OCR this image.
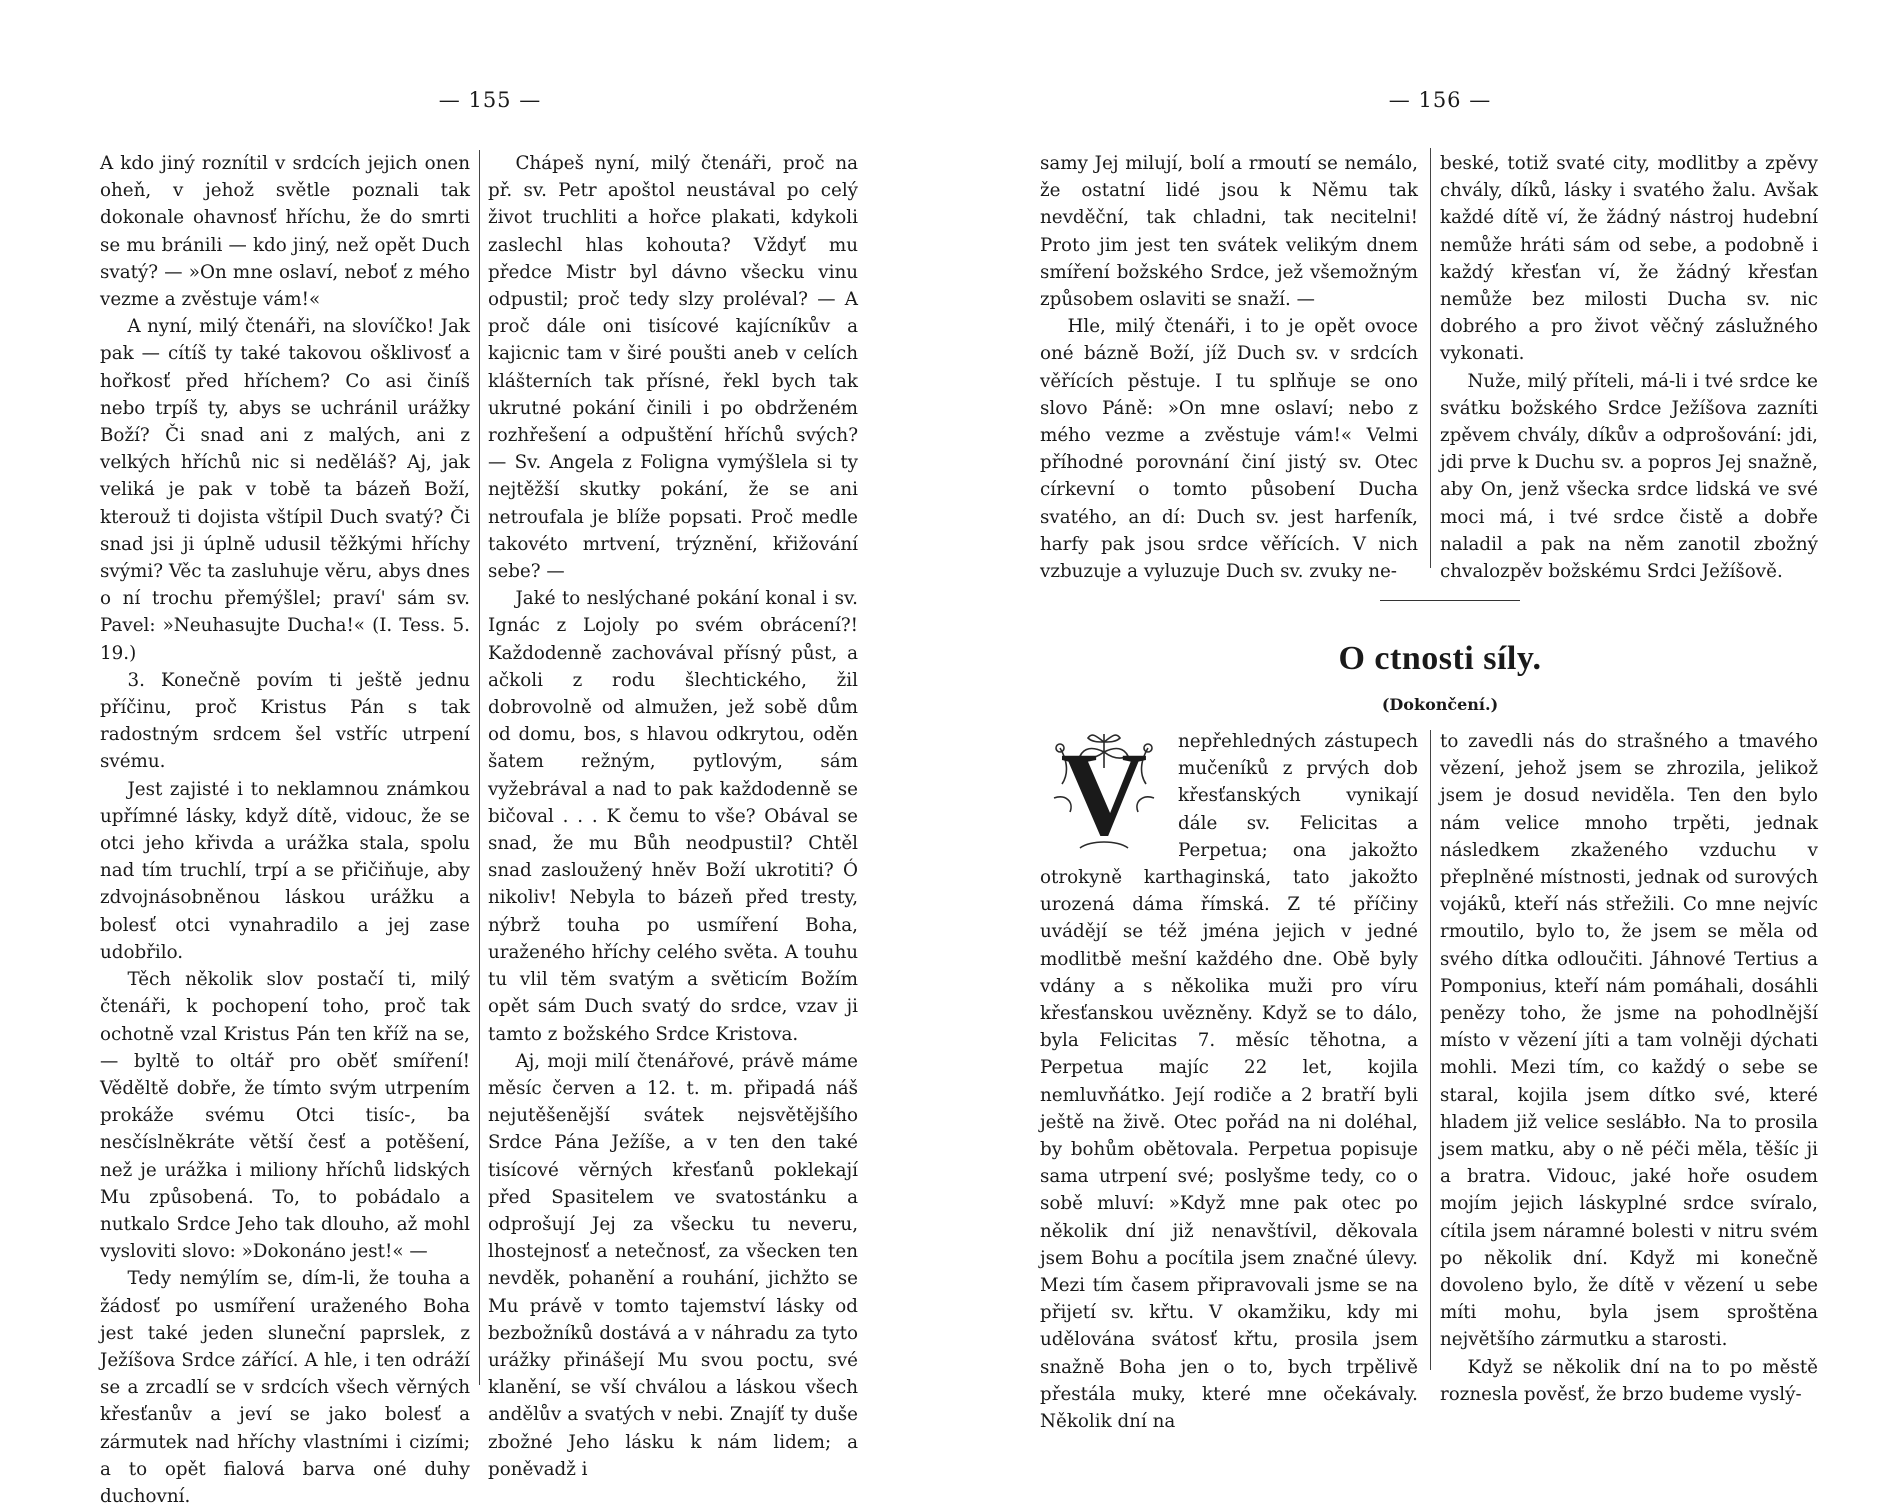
— 155 —

A kdo jiný roznítil v srdcích jejich onen oheň, v jehož světle poznali tak dokonale ohavnosť hříchu, že do smrti se mu bránili — kdo jiný, než opět Duch svatý? — »On mne oslaví, neboť z mého vezme a zvěstuje vám!«

A nyní, milý čtenáři, na slovíčko! Jak pak — cítíš ty také takovou ošklivosť a hořkosť před hříchem? Co asi činíš nebo trpíš ty, abys se uchránil urážky Boží? Či snad ani z malých, ani z velkých hříchů nic si neděláš? Aj, jak veliká je pak v tobě ta bázeň Boží, kterouž ti dojista vštípil Duch svatý? Či snad jsi ji úplně udusil těžkými hříchy svými? Věc ta zasluhuje věru, abys dnes o ní trochu přemýšlel; praví' sám sv. Pavel: »Neuhasujte Ducha!« (I. Tess. 5. 19.)

3. Konečně povím ti ještě jednu příčinu, proč Kristus Pán s tak radostným srdcem šel vstříc utrpení svému.

Jest zajisté i to neklamnou známkou upřímné lásky, když dítě, vidouc, že se otci jeho křivda a urážka stala, spolu nad tím truchlí, trpí a se přičiňuje, aby zdvojnásobněnou láskou urážku a bolesť otci vynahradilo a jej zase udobřilo.

Těch několik slov postačí ti, milý čtenáři, k pochopení toho, proč tak ochotně vzal Kristus Pán ten kříž na se, — byltě to oltář pro oběť smíření! Věděltě dobře, že tímto svým utrpením prokáže svému Otci tisíc-, ba nesčíslněkráte větší česť a potěšení, než je urážka i miliony hříchů lidských Mu způsobená. To, to pobádalo a nutkalo Srdce Jeho tak dlouho, až mohl vysloviti slovo: »Dokonáno jest!« —

Tedy nemýlím se, dím-li, že touha a žádosť po usmíření uraženého Boha jest také jeden sluneční paprslek, z Ježíšova Srdce zářící. A hle, i ten odráží se a zrcadlí se v srdcích všech věrných křesťanův a jeví se jako bolesť a zármutek nad hříchy vlastními i cizími; a to opět fialová barva oné duhy duchovní.

Chápeš nyní, milý čtenáři, proč na př. sv. Petr apoštol neustával po celý život truchliti a hořce plakati, kdykoli zaslechl hlas kohouta? Vždyť mu předce Mistr byl dávno všecku vinu odpustil; proč tedy slzy proléval? — A proč dále oni tisícové kajícníkův a kajicnic tam v širé poušti aneb v celích klášterních tak přísné, řekl bych tak ukrutné pokání činili i po obdrženém rozhřešení a odpuštění hříchů svých? — Sv. Angela z Foligna vymýšlela si ty nejtěžší skutky pokání, že se ani netroufala je blíže popsati. Proč medle takovéto mrtvení, trýznění, křižování sebe? —

Jaké to neslýchané pokání konal i sv. Ignác z Lojoly po svém obrácení?! Každodenně zachovával přísný půst, a ačkoli z rodu šlechtického, žil dobrovolně od almužen, jež sobě dům od domu, bos, s hlavou odkrytou, oděn šatem režným, pytlovým, sám vyžebrával a nad to pak každodenně se bičoval . . . K čemu to vše? Obával se snad, že mu Bůh neodpustil? Chtěl snad zasloužený hněv Boží ukrotiti? Ó nikoliv! Nebyla to bázeň před tresty, nýbrž touha po usmíření Boha, uraženého hříchy celého světa. A touhu tu vlil těm svatým a světicím Božím opět sám Duch svatý do srdce, vzav ji tamto z božského Srdce Kristova.

Aj, moji milí čtenářové, právě máme měsíc červen a 12. t. m. připadá náš nejutěšenější svátek nejsvětějšího Srdce Pána Ježíše, a v ten den také tisícové věrných křesťanů poklekají před Spasitelem ve svatostánku a odprošují Jej za všecku tu neveru, lhostejnosť a netečnosť, za všecken ten nevděk, pohanění a rouhání, jichžto se Mu právě v tomto tajemství lásky od bezbožníků dostává a v náhradu za tyto urážky přinášejí Mu svou poctu, své klanění, se vší chválou a láskou všech andělův a svatých v nebi. Znajíť ty duše zbožné Jeho lásku k nám lidem; a poněvadž i

— 156 —

samy Jej milují, bolí a rmoutí se nemálo, že ostatní lidé jsou k Němu tak nevděční, tak chladni, tak necitelni! Proto jim jest ten svátek velikým dnem smíření božského Srdce, jež všemožným způsobem oslaviti se snaží. —

Hle, milý čtenáři, i to je opět ovoce oné bázně Boží, jíž Duch sv. v srdcích věřících pěstuje. I tu splňuje se ono slovo Páně: »On mne oslaví; nebo z mého vezme a zvěstuje vám!« Velmi příhodné porovnání činí jistý sv. Otec církevní o tomto působení Ducha svatého, an dí: Duch sv. jest harfeník, harfy pak jsou srdce věřících. V nich vzbuzuje a vyluzuje Duch sv. zvuky ne-

beské, totiž svaté city, modlitby a zpěvy chvály, díků, lásky i svatého žalu. Avšak každé dítě ví, že žádný nástroj hudební nemůže hráti sám od sebe, a podobně i každý křesťan ví, že žádný křesťan nemůže bez milosti Ducha sv. nic dobrého a pro život věčný záslužného vykonati.

Nuže, milý příteli, má-li i tvé srdce ke svátku božského Srdce Ježíšova zazníti zpěvem chvály, díkův a odprošování: jdi, jdi prve k Duchu sv. a popros Jej snažně, aby On, jenž všecka srdce lidská ve své moci má, i tvé srdce čistě a dobře naladil a pak na něm zanotil zbožný chvalozpěv božskému Srdci Ježíšově.

O ctnosti síly.
(Dokončení.)
V	nepřehledných zástupech mučeníků z prvých dob křesťanských vynikají dále sv. Felicitas a Perpetua; ona jakožto otrokyně karthaginská, tato jakožto urozená dáma římská. Z té příčiny uvádějí se též jména jejich v jedné modlitbě mešní každého dne. Obě byly vdány a s několika muži pro víru křesťanskou uvězněny. Když se to dálo, byla Felicitas 7. měsíc těhotna, a Perpetua majíc 22 let, kojila nemluvňátko. Její rodiče a 2 bratří byli ještě na živě. Otec pořád na ni doléhal, by bohům obětovala. Perpetua popisuje sama utrpení své; poslyšme tedy, co o sobě mluví: »Když mne pak otec po několik dní již nenavštívil, děkovala jsem Bohu a pocítila jsem značné úlevy. Mezi tím časem připravovali jsme se na přijetí sv. křtu. V okamžiku, kdy mi udělována svátosť křtu, prosila jsem snažně Boha jen o to, bych trpělivě přestála muky, které mne očekávaly. Několik dní na

to zavedli nás do strašného a tmavého vězení, jehož jsem se zhrozila, jelikož jsem je dosud neviděla. Ten den bylo nám velice mnoho trpěti, jednak následkem zkaženého vzduchu v přeplněné místnosti, jednak od surových vojáků, kteří nás střežili. Co mne nejvíc rmoutilo, bylo to, že jsem se měla od svého dítka odloučiti. Jáhnové Tertius a Pomponius, kteří nám pomáhali, dosáhli penězy toho, že jsme na pohodlnější místo v vězení jíti a tam volněji dýchati mohli. Mezi tím, co každý o sebe se staral, kojila jsem dítko své, které hladem již velice seslábło. Na to prosila jsem matku, aby o ně péči měla, těšíc ji a bratra. Vidouc, jaké hoře osudem mojím jejich láskyplné srdce svíralo, cítila jsem náramné bolesti v nitru svém po několik dní. Když mi konečně dovoleno bylo, že dítě v vězení u sebe míti mohu, byla jsem sproštěna největšího zármutku a starosti.

Když se několik dní na to po městě roznesla pověsť, že brzo budeme vyslý-
